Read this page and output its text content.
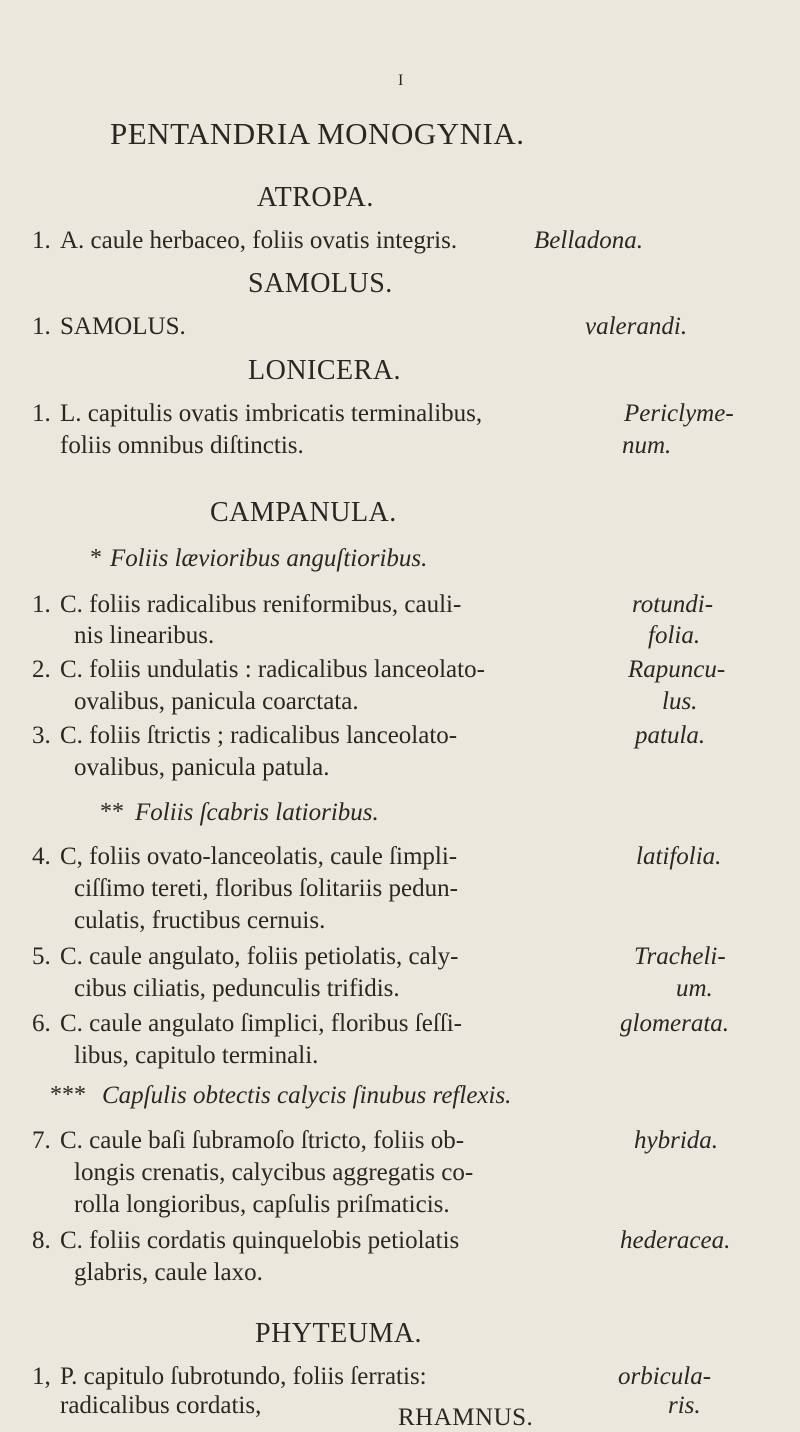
I
PENTANDRIA MONOGYNIA.
ATROPA.
1. A. caule herbaceo, foliis ovatis integris.	Belladona.
SAMOLUS.
1. SAMOLUS.	valerandi.
LONICERA.
1. L. capitulis ovatis imbricatis terminalibus,
foliis omnibus diſtinctis.
Periclyme-
num.
CAMPANULA.
* Foliis lævioribus anguſtioribus.
1. C. foliis radicalibus reniformibus, cauli-
nis linearibus.
rotundi-
folia.
2. C. foliis undulatis : radicalibus lanceolato-
ovalibus, panicula coarctata.
Rapuncu-
lus.
3. C. foliis ſtrictis ; radicalibus lanceolato-
ovalibus, panicula patula.
patula.
** Foliis ſcabris latioribus.
4. C, foliis ovato-lanceolatis, caule ſimpli-
ciſſimo tereti, floribus ſolitariis pedun-
culatis, fructibus cernuis.
latifolia.
5. C. caule angulato, foliis petiolatis, caly-
cibus ciliatis, pedunculis trifidis.
Tracheli-
um.
6. C. caule angulato ſimplici, floribus ſeſſi-
libus, capitulo terminali.
glomerata.
*** Capſulis obtectis calycis ſinubus reflexis.
7. C. caule baſi ſubramoſo ſtricto, foliis ob-
longis crenatis, calycibus aggregatis co-
rolla longioribus, capſulis priſmaticis.
hybrida.
8. C. foliis cordatis quinquelobis petiolatis
glabris, caule laxo.
hederacea.
PHYTEUMA.
1, P. capitulo ſubrotundo, foliis ſerratis:
radicalibus cordatis,
orbicula-
ris.
RHAMNUS.
